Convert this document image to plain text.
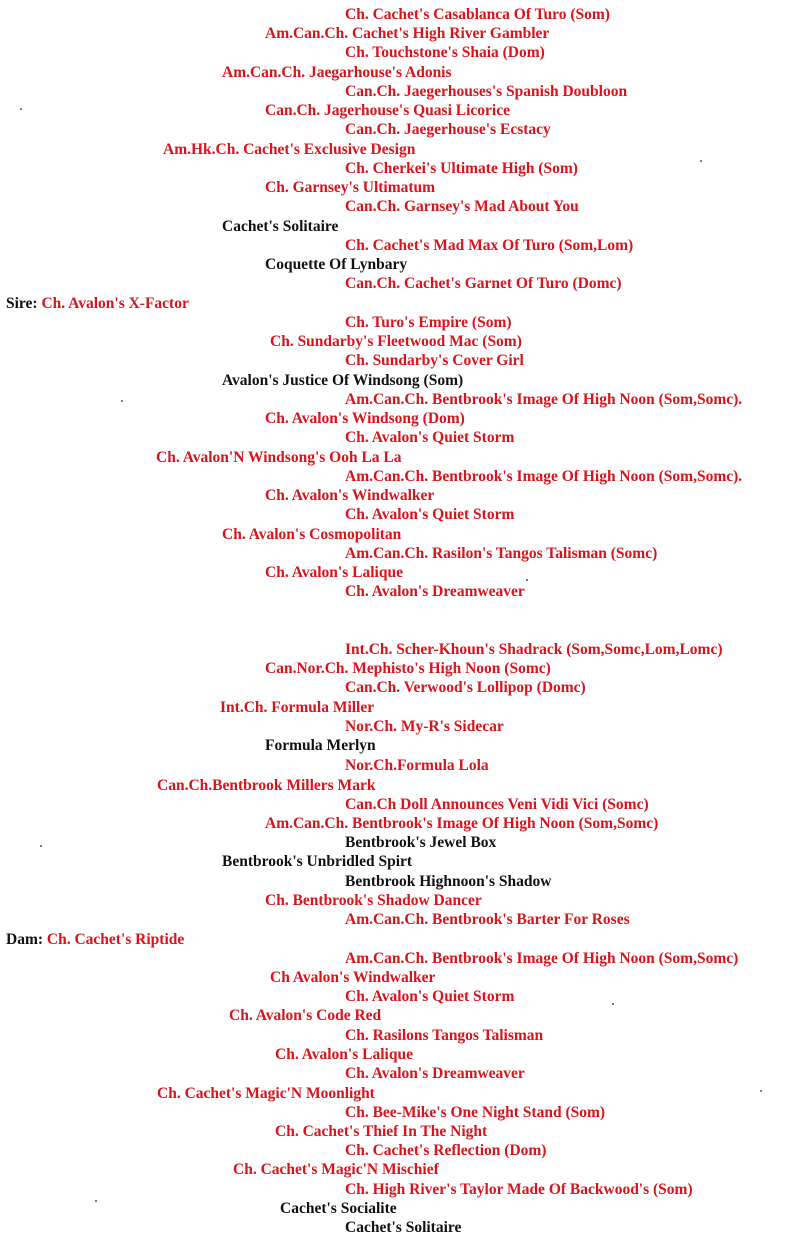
Ch. Cachet's Casablanca Of Turo (Som)
Am.Can.Ch. Cachet's High River Gambler
Ch. Touchstone's Shaia (Dom)
Am.Can.Ch. Jaegarhouse's Adonis
Can.Ch. Jaegerhouses's Spanish Doubloon
Can.Ch. Jagerhouse's Quasi Licorice
Can.Ch. Jaegerhouse's Ecstacy
Am.Hk.Ch. Cachet's Exclusive Design
Ch. Cherkei's Ultimate High (Som)
Ch. Garnsey's Ultimatum
Can.Ch. Garnsey's Mad About You
Cachet's Solitaire
Ch. Cachet's Mad Max Of Turo (Som,Lom)
Coquette Of Lynbary
Can.Ch. Cachet's Garnet Of Turo (Domc)
Sire: Ch. Avalon's X-Factor
Ch. Turo's Empire (Som)
Ch. Sundarby's Fleetwood Mac (Som)
Ch. Sundarby's Cover Girl
Avalon's Justice Of Windsong (Som)
Am.Can.Ch. Bentbrook's Image Of High Noon (Som,Somc).
Ch. Avalon's Windsong (Dom)
Ch. Avalon's Quiet Storm
Ch. Avalon'N Windsong's Ooh La La
Am.Can.Ch. Bentbrook's Image Of High Noon (Som,Somc).
Ch. Avalon's Windwalker
Ch. Avalon's Quiet Storm
Ch. Avalon's Cosmopolitan
Am.Can.Ch. Rasilon's Tangos Talisman (Somc)
Ch. Avalon's Lalique
Ch. Avalon's Dreamweaver
Int.Ch. Scher-Khoun's Shadrack (Som,Somc,Lom,Lomc)
Can.Nor.Ch. Mephisto's High Noon (Somc)
Can.Ch. Verwood's Lollipop (Domc)
Int.Ch. Formula Miller
Nor.Ch. My-R's Sidecar
Formula Merlyn
Nor.Ch.Formula Lola
Can.Ch.Bentbrook Millers Mark
Can.Ch Doll Announces Veni Vidi Vici (Somc)
Am.Can.Ch. Bentbrook's Image Of High Noon (Som,Somc)
Bentbrook's Jewel Box
Bentbrook's Unbridled Spirt
Bentbrook Highnoon's Shadow
Ch. Bentbrook's Shadow Dancer
Am.Can.Ch. Bentbrook's Barter For Roses
Dam: Ch. Cachet's Riptide
Am.Can.Ch. Bentbrook's Image Of High Noon (Som,Somc)
Ch Avalon's Windwalker
Ch. Avalon's Quiet Storm
Ch. Avalon's Code Red
Ch. Rasilons Tangos Talisman
Ch. Avalon's Lalique
Ch. Avalon's Dreamweaver
Ch. Cachet's Magic'N Moonlight
Ch. Bee-Mike's One Night Stand (Som)
Ch. Cachet's Thief In The Night
Ch. Cachet's Reflection (Dom)
Ch. Cachet's Magic'N Mischief
Ch. High River's Taylor Made Of Backwood's (Som)
Cachet's Socialite
Cachet's Solitaire
